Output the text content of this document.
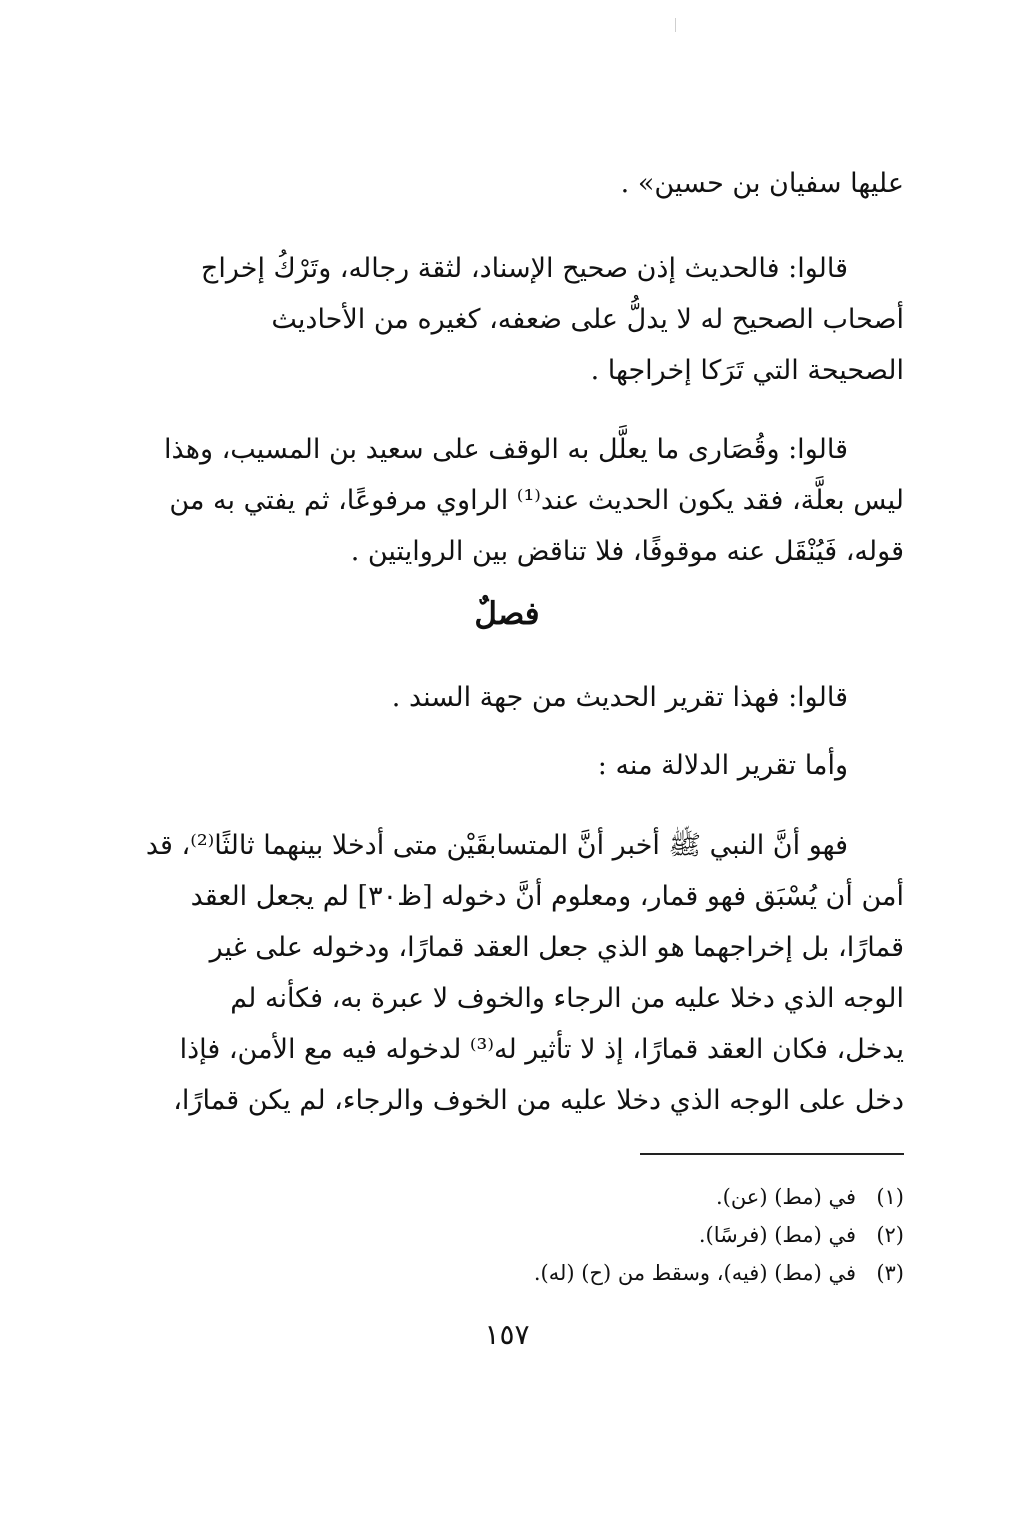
عليها سفيان بن حسين» .

قالوا: فالحديث إذن صحيح الإسناد، لثقة رجاله، وتَرْكُ إخراج

أصحاب الصحيح له لا يدلُّ على ضعفه، كغيره من الأحاديث

الصحيحة التي تَرَكا إخراجها .

قالوا: وقُصَارى ما يعلَّل به الوقف على سعيد بن المسيب، وهذا

ليس بعلَّة، فقد يكون الحديث عند⁽¹⁾ الراوي مرفوعًا، ثم يفتي به من

قوله، فَيُنْقَل عنه موقوفًا، فلا تناقض بين الروايتين .

فصلٌ

قالوا: فهذا تقرير الحديث من جهة السند .

وأما تقرير الدلالة منه :

فهو أنَّ النبي ﷺ أخبر أنَّ المتسابقَيْن متى أدخلا بينهما ثالثًا⁽²⁾، قد

أمن أن يُسْبَق فهو قمار، ومعلوم أنَّ دخوله [ظ٣٠] لم يجعل العقد

قمارًا، بل إخراجهما هو الذي جعل العقد قمارًا، ودخوله على غير

الوجه الذي دخلا عليه من الرجاء والخوف لا عبرة به، فكأنه لم

يدخل، فكان العقد قمارًا، إذ لا تأثير له⁽³⁾ لدخوله فيه مع الأمن، فإذا

دخل على الوجه الذي دخلا عليه من الخوف والرجاء، لم يكن قمارًا،

(١)في (مط) (عن).
(٢)في (مط) (فرسًا).
(٣)في (مط) (فيه)، وسقط من (ح) (له).
١٥٧
